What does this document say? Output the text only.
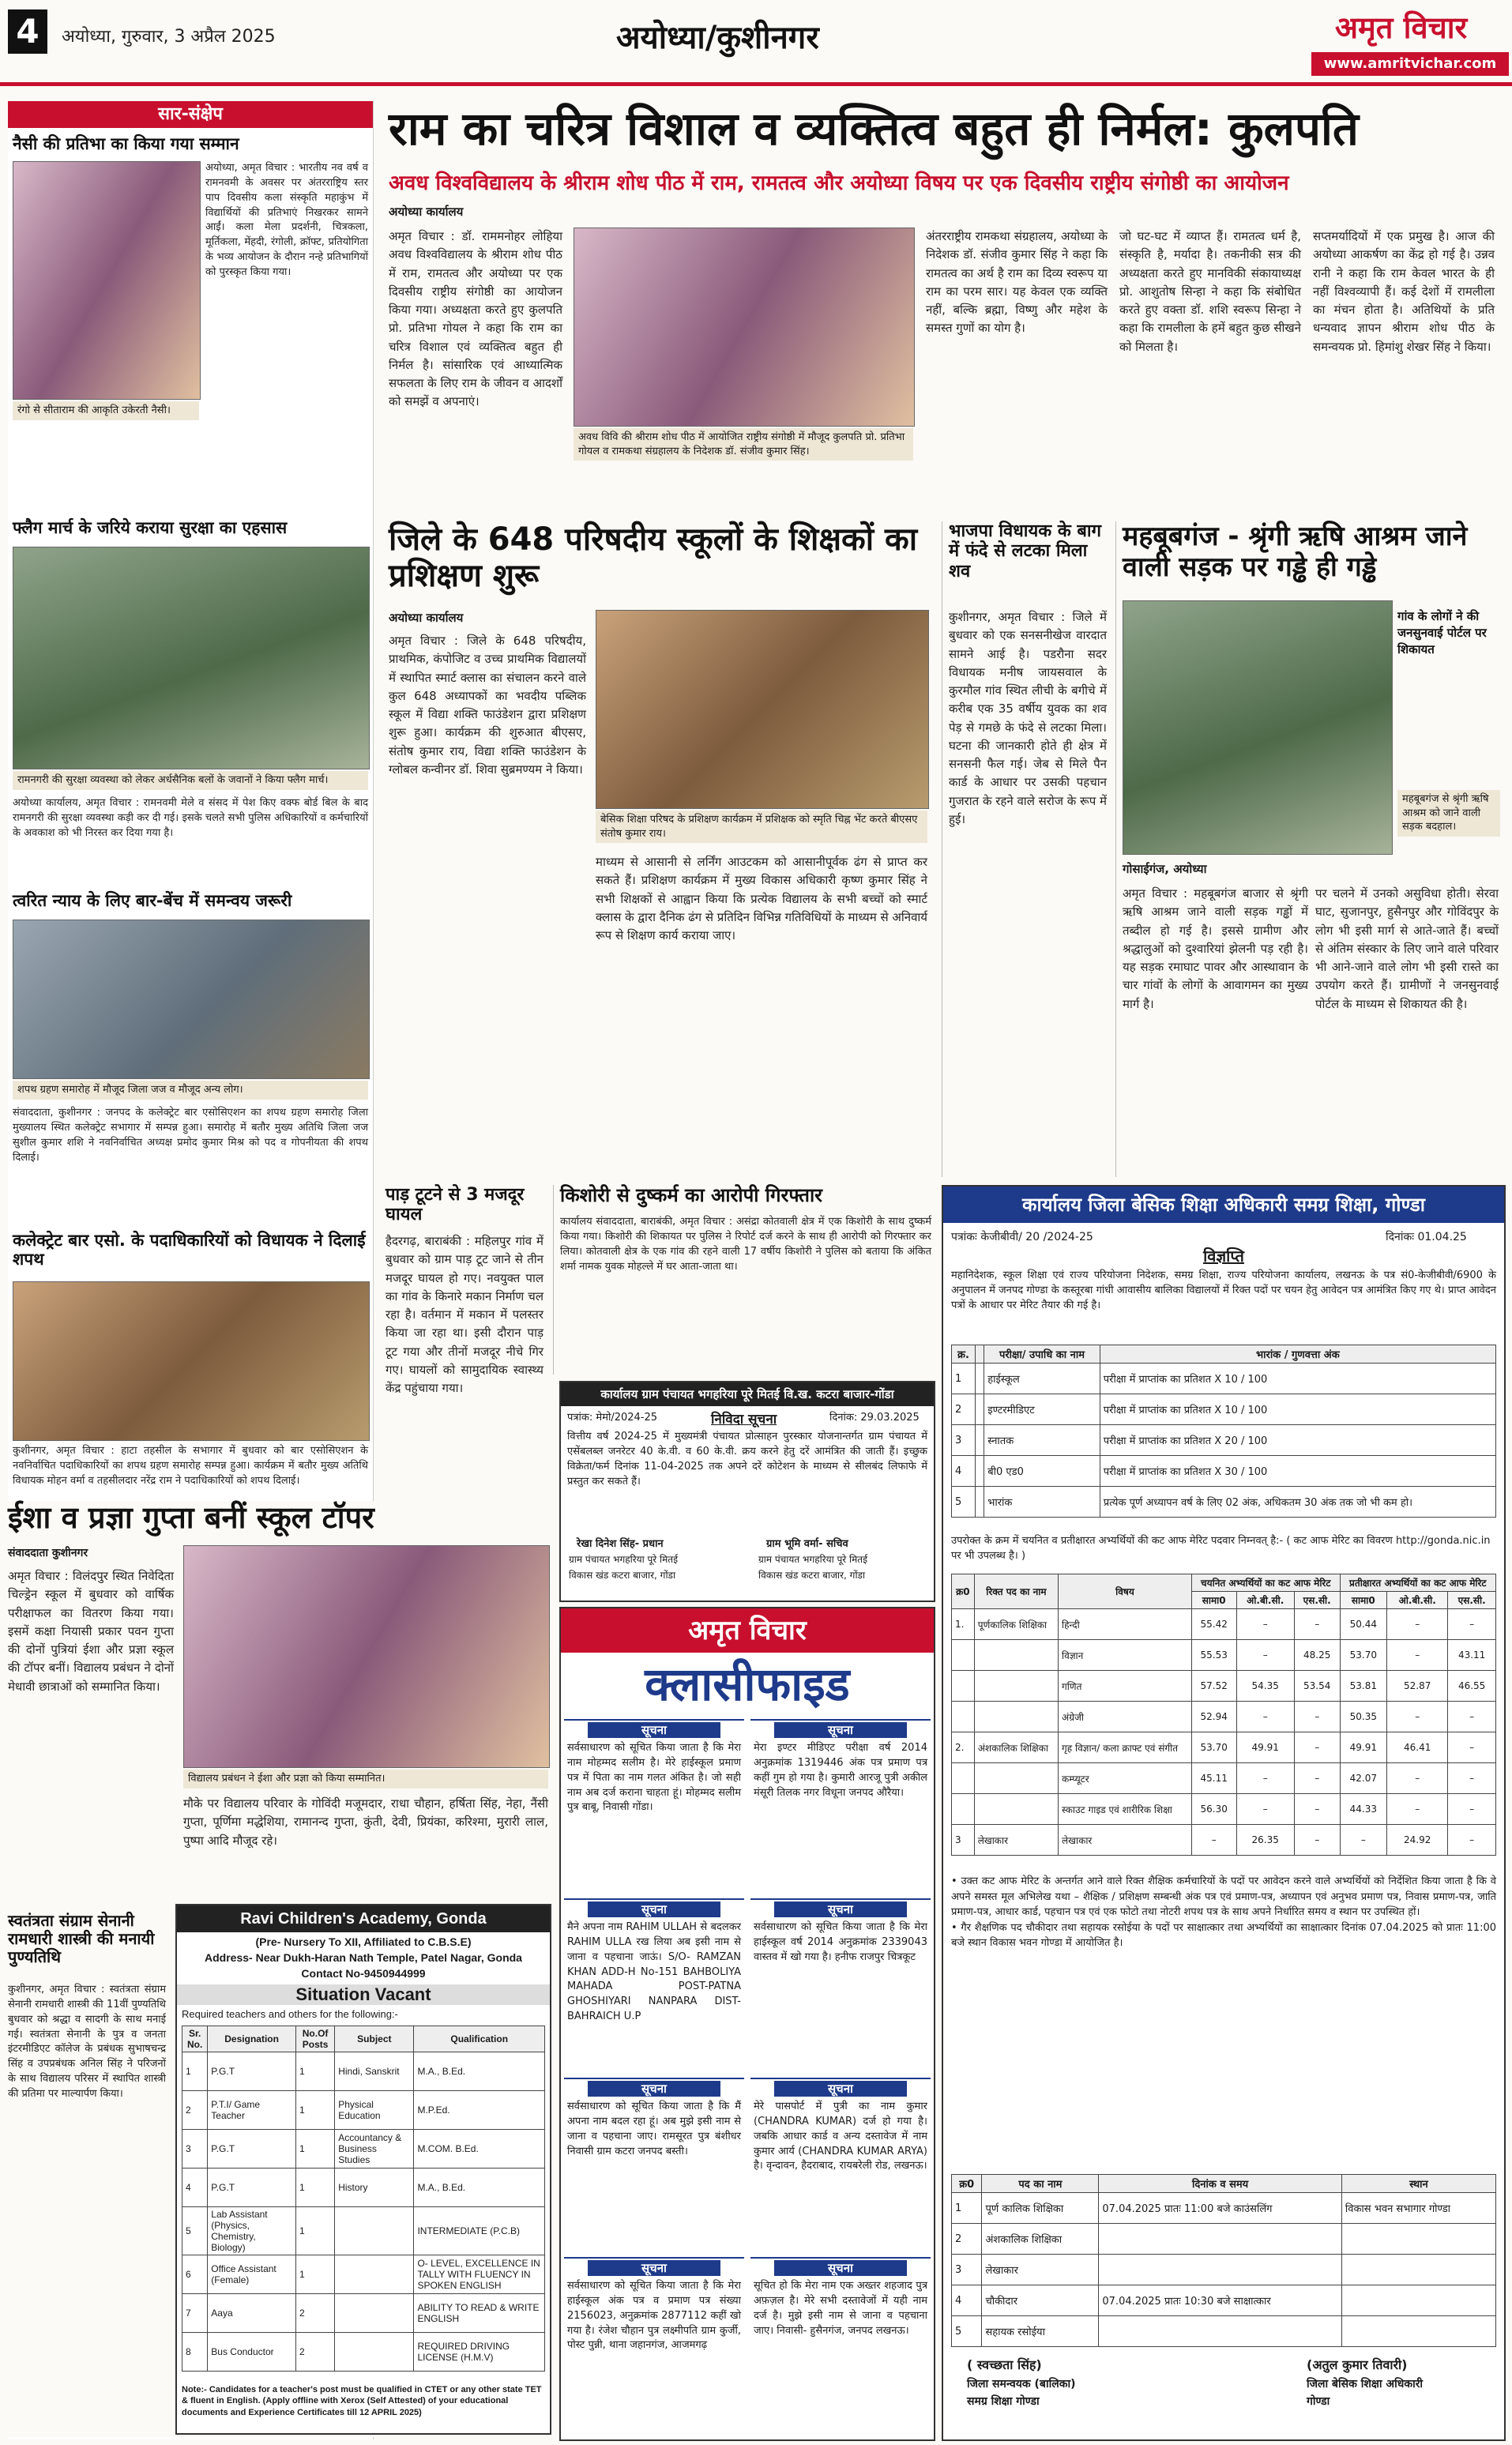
4	अयोध्या, गुरुवार, 3 अप्रैल 2025	अयोध्या/कुशीनगर	अमृत विचार
www.amritvichar.com
सार-संक्षेप
नैसी की प्रतिभा का किया गया सम्मान
अयोध्या, अमृत विचार : भारतीय नव वर्ष व रामनवमी के अवसर पर अंतरराष्ट्रिय स्तर पाप दिवसीय कला संस्कृति महाकुंभ में विद्यार्थियों की प्रतिभाएं निखरकर सामने आईं। कला मेला प्रदर्शनी, चित्रकला, मूर्तिकला, मेंहदी, रंगोली, क्रॉफ्ट, प्रतियोगिता के भव्य आयोजन के दौरान नन्हे प्रतिभागियों को पुरस्कृत किया गया।
रंगो से सीताराम की आकृति उकेरती नैसी।
फ्लैग मार्च के जरिये कराया सुरक्षा का एहसास
रामनगरी की सुरक्षा व्यवस्था को लेकर अर्धसैनिक बलों के जवानों ने किया फ्लैग मार्च।
अयोध्या कार्यालय, अमृत विचार : रामनवमी मेले व संसद में पेश किए वक्फ बोर्ड बिल के बाद रामनगरी की सुरक्षा व्यवस्था कड़ी कर दी गई। इसके चलते सभी पुलिस अधिकारियों व कर्मचारियों के अवकाश को भी निरस्त कर दिया गया है।
त्वरित न्याय के लिए बार-बेंच में समन्वय जरूरी
शपथ ग्रहण समारोह में मौजूद जिला जज व मौजूद अन्य लोग।
संवाददाता, कुशीनगर : जनपद के कलेक्ट्रेट बार एसोसिएशन का शपथ ग्रहण समारोह जिला मुख्यालय स्थित कलेक्ट्रेट सभागार में सम्पन्न हुआ। समारोह में बतौर मुख्य अतिथि जिला जज सुशील कुमार शशि ने नवनिर्वाचित अध्यक्ष प्रमोद कुमार मिश्र को पद व गोपनीयता की शपथ दिलाई।
कलेक्ट्रेट बार एसो. के पदाधिकारियों को विधायक ने दिलाई शपथ
कुशीनगर, अमृत विचार : हाटा तहसील के सभागार में बुधवार को बार एसोसिएशन के नवनिर्वाचित पदाधिकारियों का शपथ ग्रहण समारोह सम्पन्न हुआ। कार्यक्रम में बतौर मुख्य अतिथि विधायक मोहन वर्मा व तहसीलदार नरेंद्र राम ने पदाधिकारियों को शपथ दिलाई।
राम का चरित्र विशाल व व्यक्तित्व बहुत ही निर्मल: कुलपति
अवध विश्वविद्यालय के श्रीराम शोध पीठ में राम, रामतत्व और अयोध्या विषय पर एक दिवसीय राष्ट्रीय संगोष्ठी का आयोजन
अयोध्या कार्यालय
अमृत विचार : डॉ. राममनोहर लोहिया अवध विश्वविद्यालय के श्रीराम शोध पीठ में राम, रामतत्व और अयोध्या पर एक दिवसीय राष्ट्रीय संगोष्ठी का आयोजन किया गया। अध्यक्षता करते हुए कुलपति प्रो. प्रतिभा गोयल ने कहा कि राम का चरित्र विशाल एवं व्यक्तित्व बहुत ही निर्मल है। सांसारिक एवं आध्यात्मिक सफलता के लिए राम के जीवन व आदर्शों को समझें व अपनाएं।
अवध विवि की श्रीराम शोध पीठ में आयोजित राष्ट्रीय संगोष्ठी में मौजूद कुलपति प्रो. प्रतिभा गोयल व रामकथा संग्रहालय के निदेशक डॉ. संजीव कुमार सिंह।
अंतरराष्ट्रीय रामकथा संग्रहालय, अयोध्या के निदेशक डॉ. संजीव कुमार सिंह ने कहा कि रामतत्व का अर्थ है राम का दिव्य स्वरूप या राम का परम सार। यह केवल एक व्यक्ति नहीं, बल्कि ब्रह्मा, विष्णु और महेश के समस्त गुणों का योग है।
जो घट-घट में व्याप्त हैं। रामतत्व धर्म है, संस्कृति है, मर्यादा है। तकनीकी सत्र की अध्यक्षता करते हुए मानविकी संकायाध्यक्ष प्रो. आशुतोष सिन्हा ने कहा कि संबोधित करते हुए वक्ता डॉ. शशि स्वरूप सिन्हा ने कहा कि रामलीला के हमें बहुत कुछ सीखने को मिलता है।
सप्तमर्यादियों में एक प्रमुख है। आज की अयोध्या आकर्षण का केंद्र हो गई है। उन्नव रानी ने कहा कि राम केवल भारत के ही नहीं विश्वव्यापी हैं। कई देशों में रामलीला का मंचन होता है। अतिथियों के प्रति धन्यवाद ज्ञापन श्रीराम शोध पीठ के समन्वयक प्रो. हिमांशु शेखर सिंह ने किया।
जिले के 648 परिषदीय स्कूलों के शिक्षकों का प्रशिक्षण शुरू
अयोध्या कार्यालय
अमृत विचार : जिले के 648 परिषदीय, प्राथमिक, कंपोजिट व उच्च प्राथमिक विद्यालयों में स्थापित स्मार्ट क्लास का संचालन करने वाले कुल 648 अध्यापकों का भवदीय पब्लिक स्कूल में विद्या शक्ति फाउंडेशन द्वारा प्रशिक्षण शुरू हुआ। कार्यक्रम की शुरुआत बीएसए, संतोष कुमार राय, विद्या शक्ति फाउंडेशन के ग्लोबल कन्वीनर डॉ. शिवा सुब्रमण्यम ने किया।
बेसिक शिक्षा परिषद के प्रशिक्षण कार्यक्रम में प्रशिक्षक को स्मृति चिह्न भेंट करते बीएसए संतोष कुमार राय।
माध्यम से आसानी से लर्निंग आउटकम को आसानीपूर्वक ढंग से प्राप्त कर सकते हैं। प्रशिक्षण कार्यक्रम में मुख्य विकास अधिकारी कृष्ण कुमार सिंह ने सभी शिक्षकों से आह्वान किया कि प्रत्येक विद्यालय के सभी बच्चों को स्मार्ट क्लास के द्वारा दैनिक ढंग से प्रतिदिन विभिन्न गतिविधियों के माध्यम से अनिवार्य रूप से शिक्षण कार्य कराया जाए।
भाजपा विधायक के बाग में फंदे से लटका मिला शव
कुशीनगर, अमृत विचार : जिले में बुधवार को एक सनसनीखेज वारदात सामने आई है। पडरौना सदर विधायक मनीष जायसवाल के कुरमौल गांव स्थित लीची के बगीचे में करीब एक 35 वर्षीय युवक का शव पेड़ से गमछे के फंदे से लटका मिला। घटना की जानकारी होते ही क्षेत्र में सनसनी फैल गई। जेब से मिले पैन कार्ड के आधार पर उसकी पहचान गुजरात के रहने वाले सरोज के रूप में हुई।
महबूबगंज - श्रृंगी ऋषि आश्रम जाने वाली सड़क पर गड्ढे ही गड्ढे
गांव के लोगों ने की जनसुनवाई पोर्टल पर शिकायत
महबूबगंज से श्रृंगी ऋषि आश्रम को जाने वाली सड़क बदहाल।
गोसाईगंज, अयोध्या
अमृत विचार : महबूबगंज बाजार से श्रृंगी ऋषि आश्रम जाने वाली सड़क गड्ढों में तब्दील हो गई है। इससे ग्रामीण और श्रद्धालुओं को दुश्वारियां झेलनी पड़ रही है। यह सड़क रमाघाट पावर और आस्थावान के चार गांवों के लोगों के आवागमन का मुख्य मार्ग है।
पर चलने में उनको असुविधा होती। सेरवा घाट, सुजानपुर, हुसैनपुर और गोविंदपुर के लोग भी इसी मार्ग से आते-जाते हैं। बच्चों से अंतिम संस्कार के लिए जाने वाले परिवार भी आने-जाने वाले लोग भी इसी रास्ते का उपयोग करते हैं। ग्रामीणों ने जनसुनवाई पोर्टल के माध्यम से शिकायत की है।
पाड़ टूटने से 3 मजदूर घायल
हैदरगढ़, बाराबंकी : महिलपुर गांव में बुधवार को ग्राम पाड़ टूट जाने से तीन मजदूर घायल हो गए। नवयुक्त पाल का गांव के किनारे मकान निर्माण चल रहा है। वर्तमान में मकान में पलस्तर किया जा रहा था। इसी दौरान पाड़ टूट गया और तीनों मजदूर नीचे गिर गए। घायलों को सामुदायिक स्वास्थ्य केंद्र पहुंचाया गया।
किशोरी से दुष्कर्म का आरोपी गिरफ्तार
कार्यालय संवाददाता, बाराबंकी, अमृत विचार : असंद्रा कोतवाली क्षेत्र में एक किशोरी के साथ दुष्कर्म किया गया। किशोरी की शिकायत पर पुलिस ने रिपोर्ट दर्ज करने के साथ ही आरोपी को गिरफ्तार कर लिया। कोतवाली क्षेत्र के एक गांव की रहने वाली 17 वर्षीय किशोरी ने पुलिस को बताया कि अंकित शर्मा नामक युवक मोहल्ले में घर आता-जाता था।
कार्यालय ग्राम पंचायत भगहरिया पूरे मितई वि.ख. कटरा बाजार-गोंडा
पत्रांक: मेमो/2024-25	निविदा सूचना	दिनांक: 29.03.2025
वित्तीय वर्ष 2024-25 में मुख्यमंत्री पंचायत प्रोत्साहन पुरस्कार योजनान्तर्गत ग्राम पंचायत में एसेंबलब्ल जनरेटर 40 के.वी. व 60 के.वी. क्रय करने हेतु दरें आमंत्रित की जाती हैं। इच्छुक विक्रेता/फर्म दिनांक 11-04-2025 तक अपने दरें कोटेशन के माध्यम से सीलबंद लिफाफे में प्रस्तुत कर सकते हैं।
रेखा दिनेश सिंह- प्रधान
ग्राम पंचायत भगहरिया पूरे मितई
विकास खंड कटरा बाजार, गोंडा
ग्राम भूमि वर्मा- सचिव
ग्राम पंचायत भगहरिया पूरे मितई
विकास खंड कटरा बाजार, गोंडा
ईशा व प्रज्ञा गुप्ता बनीं स्कूल टॉपर
संवाददाता कुशीनगर
अमृत विचार : विलंदपुर स्थित निवेदिता चिल्ड्रेन स्कूल में बुधवार को वार्षिक परीक्षाफल का वितरण किया गया। इसमें कक्षा नियासी प्रकार पवन गुप्ता की दोनों पुत्रियां ईशा और प्रज्ञा स्कूल की टॉपर बनीं। विद्यालय प्रबंधन ने दोनों मेधावी छात्राओं को सम्मानित किया।
विद्यालय प्रबंधन ने ईशा और प्रज्ञा को किया सम्मानित।
मौके पर विद्यालय परिवार के गोविंदी मजूमदार, राधा चौहान, हर्षिता सिंह, नेहा, नैंसी गुप्ता, पूर्णिमा मद्धेशिया, रामानन्द गुप्ता, कुंती, देवी, प्रियंका, करिश्मा, मुरारी लाल, पुष्पा आदि मौजूद रहे।
स्वतंत्रता संग्राम सेनानी रामधारी शास्त्री की मनायी पुण्यतिथि
कुशीनगर, अमृत विचार : स्वतंत्रता संग्राम सेनानी रामधारी शास्त्री की 11वीं पुण्यतिथि बुधवार को श्रद्धा व सादगी के साथ मनाई गई। स्वतंत्रता सेनानी के पुत्र व जनता इंटरमीडिएट कॉलेज के प्रबंधक सुभाषचन्द्र सिंह व उपप्रबंधक अनिल सिंह ने परिजनों के साथ विद्यालय परिसर में स्थापित शास्त्री की प्रतिमा पर माल्यार्पण किया।
Ravi Children's Academy, Gonda
(Pre- Nursery To XII, Affiliated to C.B.S.E)
Address- Near Dukh-Haran Nath Temple, Patel Nagar, Gonda
Contact No-9450944999
Situation Vacant
Required teachers and others for the following:-
Sr. No.	Designation	No.Of Posts	Subject	Qualification
1	P.G.T	1	Hindi, Sanskrit	M.A., B.Ed.
2	P.T.I/ Game Teacher	1	Physical Education	M.P.Ed.
3	P.G.T	1	Accountancy & Business Studies	M.COM. B.Ed.
4	P.G.T	1	History	M.A., B.Ed.
5	Lab Assistant (Physics, Chemistry, Biology)	1		INTERMEDIATE (P.C.B)
6	Office Assistant (Female)	1		O- LEVEL, EXCELLENCE IN TALLY WITH FLUENCY IN SPOKEN ENGLISH
7	Aaya	2		ABILITY TO READ & WRITE ENGLISH
8	Bus Conductor	2		REQUIRED DRIVING LICENSE (H.M.V)
Note:- Candidates for a teacher's post must be qualified in CTET or any other state TET & fluent in English. (Apply offline with Xerox (Self Attested) of your educational documents and Experience Certificates till 12 APRIL 2025)
अमृत विचार
क्लासीफाइड
सूचना
सर्वसाधारण को सूचित किया जाता है कि मेरा नाम मोहम्मद सलीम है। मेरे हाईस्कूल प्रमाण पत्र में पिता का नाम गलत अंकित है। जो सही नाम अब दर्ज कराना चाहता हूं। मोहम्मद सलीम पुत्र बाबू, निवासी गोंडा।
सूचना
मेरा इण्टर मीडिएट परीक्षा वर्ष 2014 अनुक्रमांक 1319446 अंक पत्र प्रमाण पत्र कहीं गुम हो गया है। कुमारी आरजू पुत्री अकील मंसूरी तिलक नगर विधूना जनपद औरैया।
सूचना
मैने अपना नाम RAHIM ULLAH से बदलकर RAHIM ULLA रख लिया अब इसी नाम से जाना व पहचाना जाऊं। S/O- RAMZAN KHAN ADD-H No-151 BAHBOLIYA MAHADA POST-PATNA GHOSHIYARI NANPARA DIST-BAHRAICH U.P
सूचना
सर्वसाधारण को सूचित किया जाता है कि मेरा हाईस्कूल वर्ष 2014 अनुक्रमांक 2339043 वास्तव में खो गया है। हनीफ राजपुर चित्रकूट
सूचना
सर्वसाधारण को सूचित किया जाता है कि मैं अपना नाम बदल रहा हूं। अब मुझे इसी नाम से जाना व पहचाना जाए। रामसूरत पुत्र बंशीधर निवासी ग्राम कटरा जनपद बस्ती।
सूचना
मेरे पासपोर्ट में पुत्री का नाम कुमार (CHANDRA KUMAR) दर्ज हो गया है। जबकि आधार कार्ड व अन्य दस्तावेज में नाम कुमार आर्य (CHANDRA KUMAR ARYA) है। वृन्दावन, हैदराबाद, रायबरेली रोड, लखनऊ।
सूचना
सर्वसाधारण को सूचित किया जाता है कि मेरा हाईस्कूल अंक पत्र व प्रमाण पत्र संख्या 2156023, अनुक्रमांक 2877112 कहीं खो गया है। रंजेश चौहान पुत्र लक्ष्मीपति ग्राम कुर्जी, पोस्ट पुन्नी, थाना जहानगंज, आजमगढ़
सूचना
सूचित हो कि मेरा नाम एक अख्तर शहजाद पुत्र अफ़ज़ल है। मेरे सभी दस्तावेजों में यही नाम दर्ज है। मुझे इसी नाम से जाना व पहचाना जाए। निवासी- हुसैनगंज, जनपद लखनऊ।
कार्यालय जिला बेसिक शिक्षा अधिकारी समग्र शिक्षा, गोण्डा
पत्रांकः केजीबीवी/ 20 /2024-25	दिनांकः 01.04.25
विज्ञप्ति
महानिदेशक, स्कूल शिक्षा एवं राज्य परियोजना निदेशक, समग्र शिक्षा, राज्य परियोजना कार्यालय, लखनऊ के पत्र सं0-केजीबीवी/6900 के अनुपालन में जनपद गोण्डा के कस्तूरबा गांधी आवासीय बालिका विद्यालयों में रिक्त पदों पर चयन हेतु आवेदन पत्र आमंत्रित किए गए थे। प्राप्त आवेदन पत्रों के आधार पर मेरिट तैयार की गई है।
क्र.		परीक्षा/ उपाधि का नाम	भारांक / गुणवत्ता अंक
1		हाईस्कूल	परीक्षा में प्राप्तांक का प्रतिशत X 10 / 100
2		इण्टरमीडिएट	परीक्षा में प्राप्तांक का प्रतिशत X 10 / 100
3		स्नातक	परीक्षा में प्राप्तांक का प्रतिशत X 20 / 100
4		बी0 एड0	परीक्षा में प्राप्तांक का प्रतिशत X 30 / 100
5		भारांक	प्रत्येक पूर्ण अध्यापन वर्ष के लिए 02 अंक, अधिकतम 30 अंक तक जो भी कम हो।
उपरोक्त के क्रम में चयनित व प्रतीक्षारत अभ्यर्थियों की कट आफ मेरिट पदवार निम्नवत् है:- ( कट आफ मेरिट का विवरण http://gonda.nic.in पर भी उपलब्ध है। )
क्र0	रिक्त पद का नाम	विषय	चयनित अभ्यर्थियों का कट आफ मेरिट			प्रतीक्षारत अभ्यर्थियों का कट आफ मेरिट		
			सामा0	ओ.बी.सी.	एस.सी.	सामा0	ओ.बी.सी.	एस.सी.
1.	पूर्णकालिक शिक्षिका	हिन्दी	55.42	–	–	50.44	–	–
		विज्ञान	55.53	–	48.25	53.70	–	43.11
		गणित	57.52	54.35	53.54	53.81	52.87	46.55
		अंग्रेजी	52.94	–	–	50.35	–	–
2.	अंशकालिक शिक्षिका	गृह विज्ञान/ कला क्राफ्ट एवं संगीत	53.70	49.91	–	49.91	46.41	–
		कम्प्यूटर	45.11	–	–	42.07	–	–
		स्काउट गाइड एवं शारीरिक शिक्षा	56.30	–	–	44.33	–	–
3	लेखाकार	लेखाकार	–	26.35	–	–	24.92	–
• उक्त कट आफ मेरिट के अन्तर्गत आने वाले रिक्त शैक्षिक कर्मचारियों के पदों पर आवेदन करने वाले अभ्यर्थियों को निर्देशित किया जाता है कि वे अपने समस्त मूल अभिलेख यथा – शैक्षिक / प्रशिक्षण सम्बन्धी अंक पत्र एवं प्रमाण-पत्र, अध्यापन एवं अनुभव प्रमाण पत्र, निवास प्रमाण-पत्र, जाति प्रमाण-पत्र, आधार कार्ड, पहचान पत्र एवं एक फोटो तथा नोटरी शपथ पत्र के साथ अपने निर्धारित समय व स्थान पर उपस्थित हों।
• गैर शैक्षणिक पद चौकीदार तथा सहायक रसोईया के पदों पर साक्षात्कार तथा अभ्यर्थियों का साक्षात्कार दिनांक 07.04.2025 को प्रातः 11:00 बजे स्थान विकास भवन गोण्डा में आयोजित है।
क्र0	पद का नाम	दिनांक व समय	स्थान
1	पूर्ण कालिक शिक्षिका	07.04.2025 प्रातः 11:00 बजे काउंसलिंग	विकास भवन सभागार गोण्डा
2	अंशकालिक शिक्षिका		
3	लेखाकार		
4	चौकीदार	07.04.2025 प्रातः 10:30 बजे साक्षात्कार	
5	सहायक रसोईया		
( स्वच्छता सिंह)
जिला समन्वयक (बालिका)
समग्र शिक्षा गोण्डा
(अतुल कुमार तिवारी)
जिला बेसिक शिक्षा अधिकारी
गोण्डा
